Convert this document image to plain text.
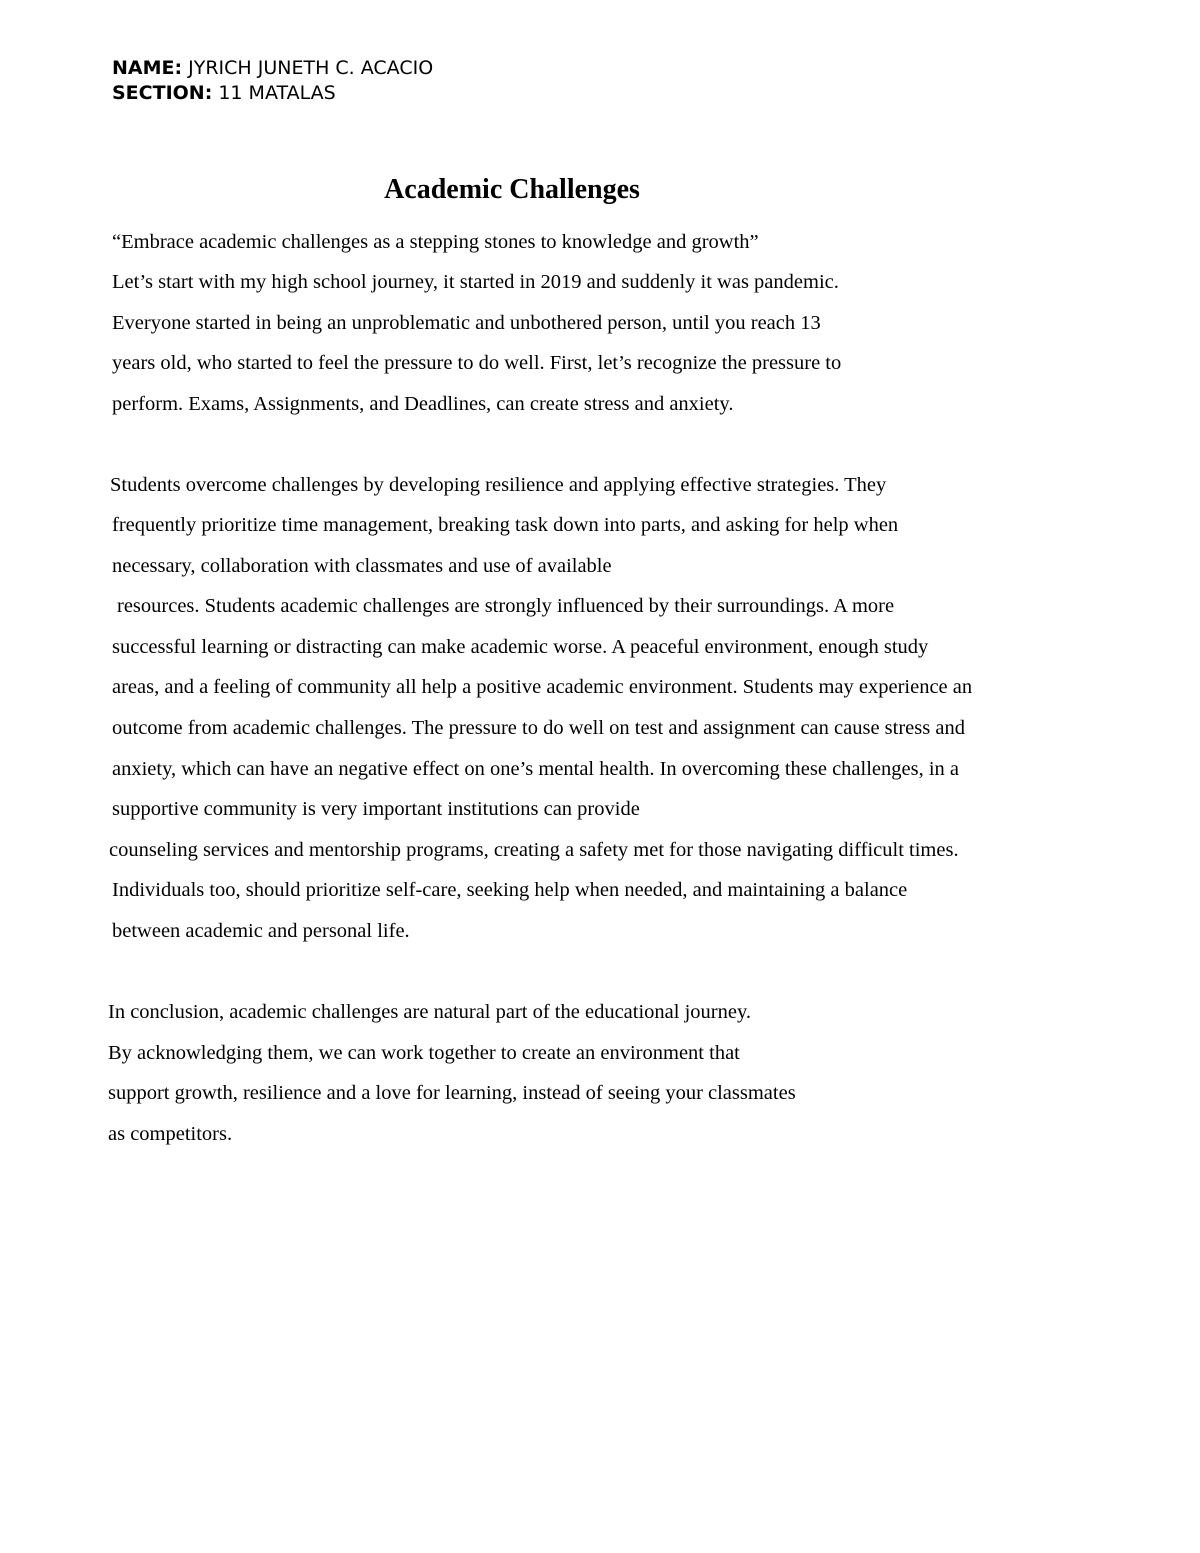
NAME: JYRICH JUNETH C. ACACIO
SECTION: 11 MATALAS
Academic Challenges
“Embrace academic challenges as a stepping stones to knowledge and growth”
Let’s start with my high school journey, it started in 2019 and suddenly it was pandemic.
Everyone started in being an unproblematic and unbothered person, until you reach 13
years old, who started to feel the pressure to do well. First, let’s recognize the pressure to
perform. Exams, Assignments, and Deadlines, can create stress and anxiety.
Students overcome challenges by developing resilience and applying effective strategies. They
frequently prioritize time management, breaking task down into parts, and asking for help when
necessary, collaboration with classmates and use of available
resources. Students academic challenges are strongly influenced by their surroundings. A more
successful learning or distracting can make academic worse. A peaceful environment, enough study
areas, and a feeling of community all help a positive academic environment. Students may experience an
outcome from academic challenges. The pressure to do well on test and assignment can cause stress and
anxiety, which can have an negative effect on one’s mental health. In overcoming these challenges, in a
supportive community is very important institutions can provide
counseling services and mentorship programs, creating a safety met for those navigating difficult times.
Individuals too, should prioritize self-care, seeking help when needed, and maintaining a balance
between academic and personal life.
In conclusion, academic challenges are natural part of the educational journey.
By acknowledging them, we can work together to create an environment that
support growth, resilience and a love for learning, instead of seeing your classmates
as competitors.
